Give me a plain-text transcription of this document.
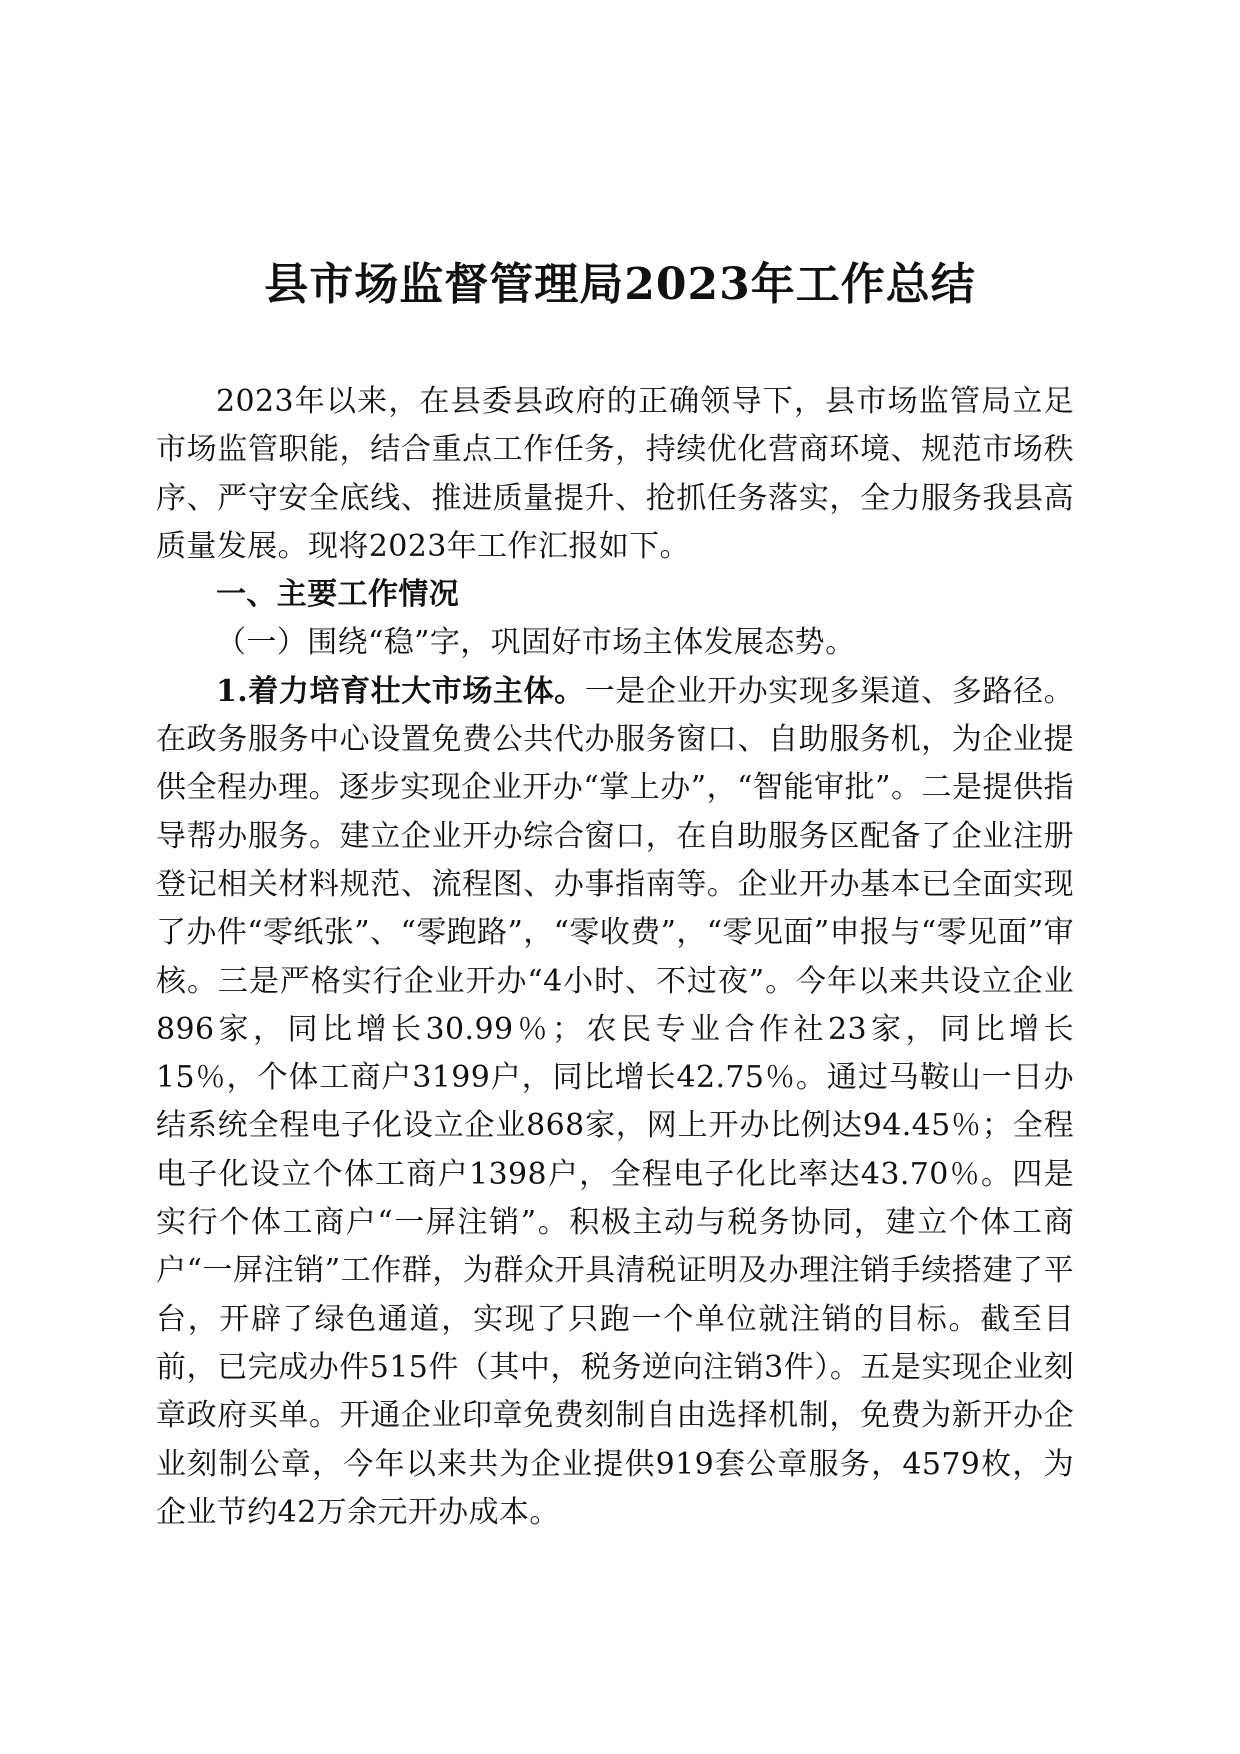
县市场监督管理局2023年工作总结

2023年以来，在县委县政府的正确领导下，县市场监管局立足市场监管职能，结合重点工作任务，持续优化营商环境、规范市场秩序、严守安全底线、推进质量提升、抢抓任务落实，全力服务我县高质量发展。现将2023年工作汇报如下。

一、主要工作情况

（一）围绕“稳”字，巩固好市场主体发展态势。

1.着力培育壮大市场主体。一是企业开办实现多渠道、多路径。在政务服务中心设置免费公共代办服务窗口、自助服务机，为企业提供全程办理。逐步实现企业开办“掌上办”，“智能审批”。二是提供指导帮办服务。建立企业开办综合窗口，在自助服务区配备了企业注册登记相关材料规范、流程图、办事指南等。企业开办基本已全面实现了办件“零纸张”、“零跑路”，“零收费”，“零见面”申报与“零见面”审核。三是严格实行企业开办“4小时、不过夜”。今年以来共设立企业896家，同比增长30.99％；农民专业合作社23家，同比增长15％，个体工商户3199户，同比增长42.75％。通过马鞍山一日办结系统全程电子化设立企业868家，网上开办比例达94.45％；全程电子化设立个体工商户1398户，全程电子化比率达43.70％。四是实行个体工商户“一屏注销”。积极主动与税务协同，建立个体工商户“一屏注销”工作群，为群众开具清税证明及办理注销手续搭建了平台，开辟了绿色通道，实现了只跑一个单位就注销的目标。截至目前，已完成办件515件（其中，税务逆向注销3件）。五是实现企业刻章政府买单。开通企业印章免费刻制自由选择机制，免费为新开办企业刻制公章，今年以来共为企业提供919套公章服务，4579枚，为企业节约42万余元开办成本。
